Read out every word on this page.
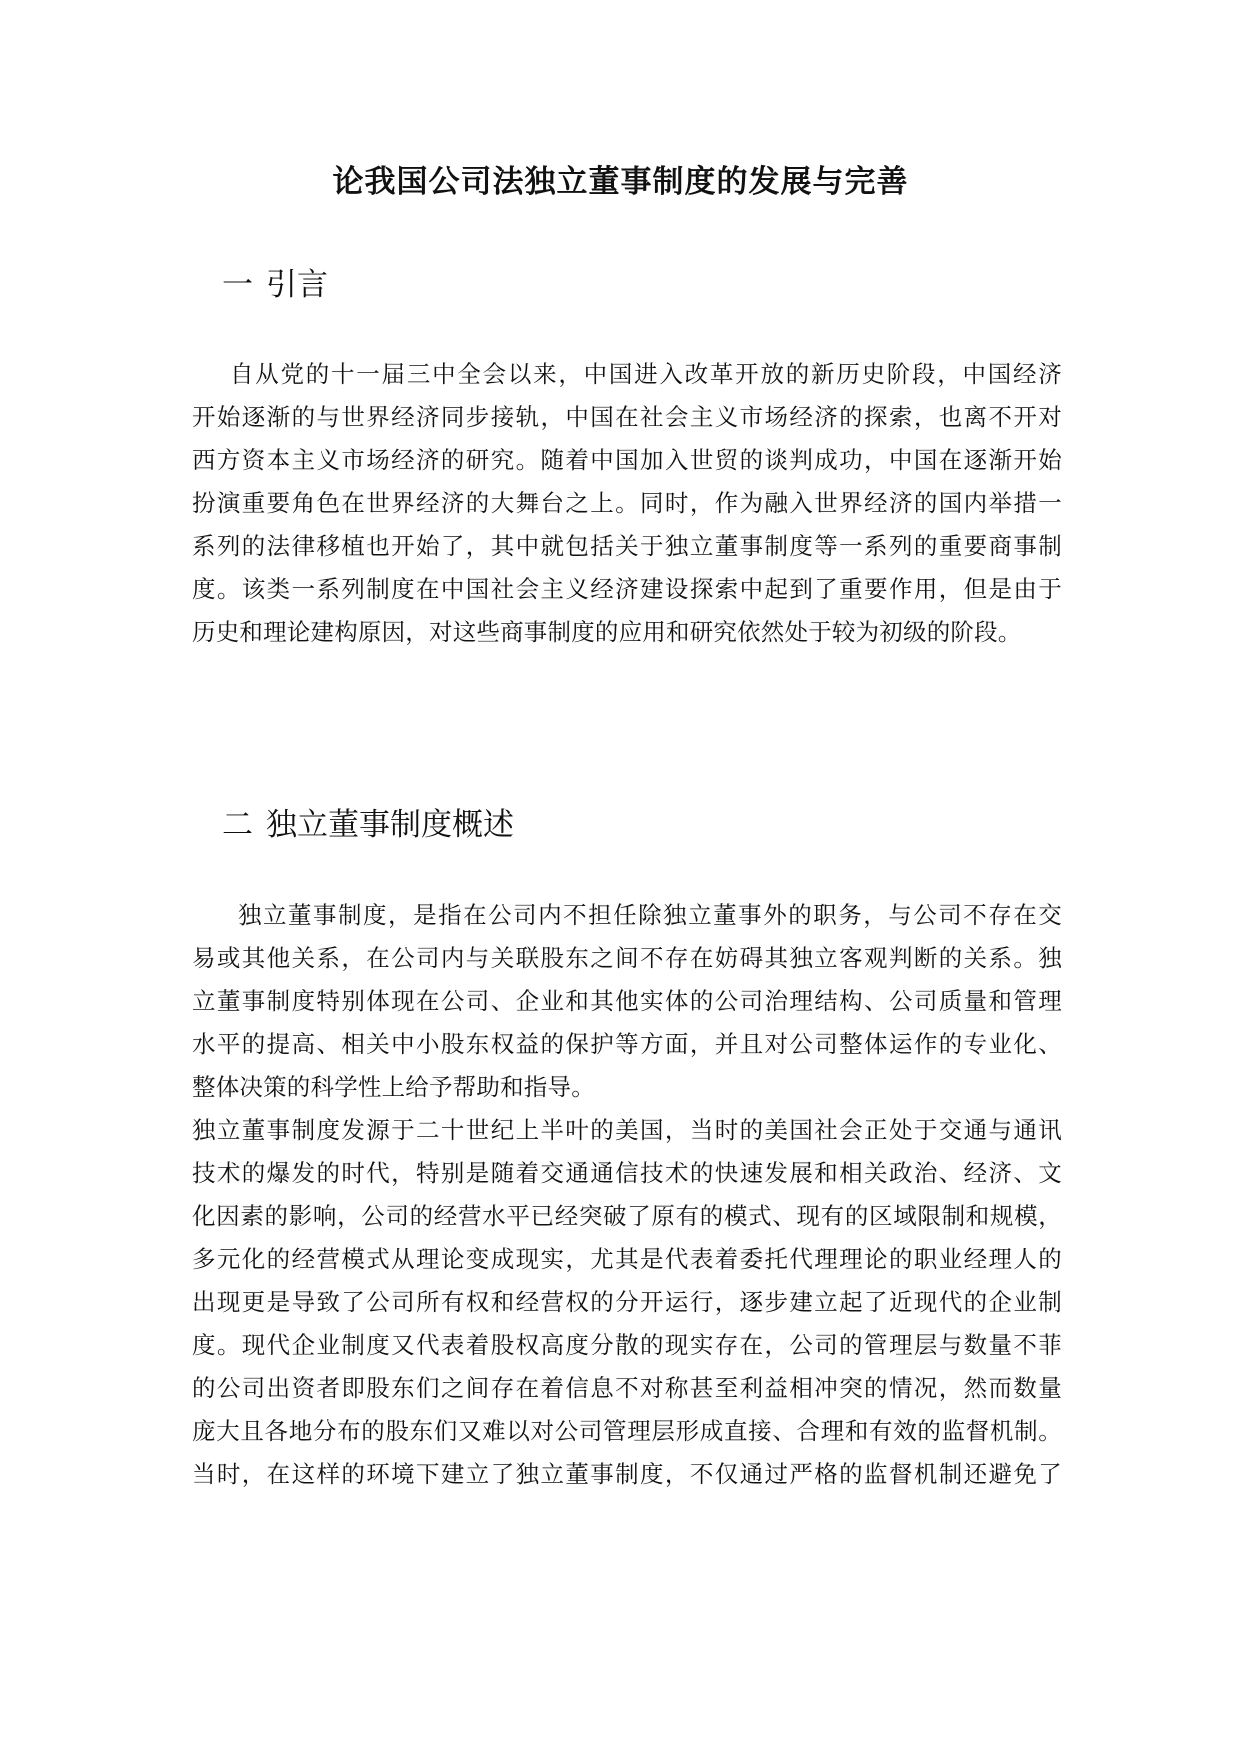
论我国公司法独立董事制度的发展与完善
一 引言
自从党的十一届三中全会以来，中国进入改革开放的新历史阶段，中国经济
开始逐渐的与世界经济同步接轨，中国在社会主义市场经济的探索，也离不开对
西方资本主义市场经济的研究。随着中国加入世贸的谈判成功，中国在逐渐开始
扮演重要角色在世界经济的大舞台之上。同时，作为融入世界经济的国内举措一
系列的法律移植也开始了，其中就包括关于独立董事制度等一系列的重要商事制
度。该类一系列制度在中国社会主义经济建设探索中起到了重要作用，但是由于
历史和理论建构原因，对这些商事制度的应用和研究依然处于较为初级的阶段。
二 独立董事制度概述
独立董事制度，是指在公司内不担任除独立董事外的职务，与公司不存在交
易或其他关系，在公司内与关联股东之间不存在妨碍其独立客观判断的关系。独
立董事制度特别体现在公司、企业和其他实体的公司治理结构、公司质量和管理
水平的提高、相关中小股东权益的保护等方面，并且对公司整体运作的专业化、
整体决策的科学性上给予帮助和指导。
独立董事制度发源于二十世纪上半叶的美国，当时的美国社会正处于交通与通讯
技术的爆发的时代，特别是随着交通通信技术的快速发展和相关政治、经济、文
化因素的影响，公司的经营水平已经突破了原有的模式、现有的区域限制和规模，
多元化的经营模式从理论变成现实，尤其是代表着委托代理理论的职业经理人的
出现更是导致了公司所有权和经营权的分开运行，逐步建立起了近现代的企业制
度。现代企业制度又代表着股权高度分散的现实存在，公司的管理层与数量不菲
的公司出资者即股东们之间存在着信息不对称甚至利益相冲突的情况，然而数量
庞大且各地分布的股东们又难以对公司管理层形成直接、合理和有效的监督机制。
当时，在这样的环境下建立了独立董事制度，不仅通过严格的监督机制还避免了
